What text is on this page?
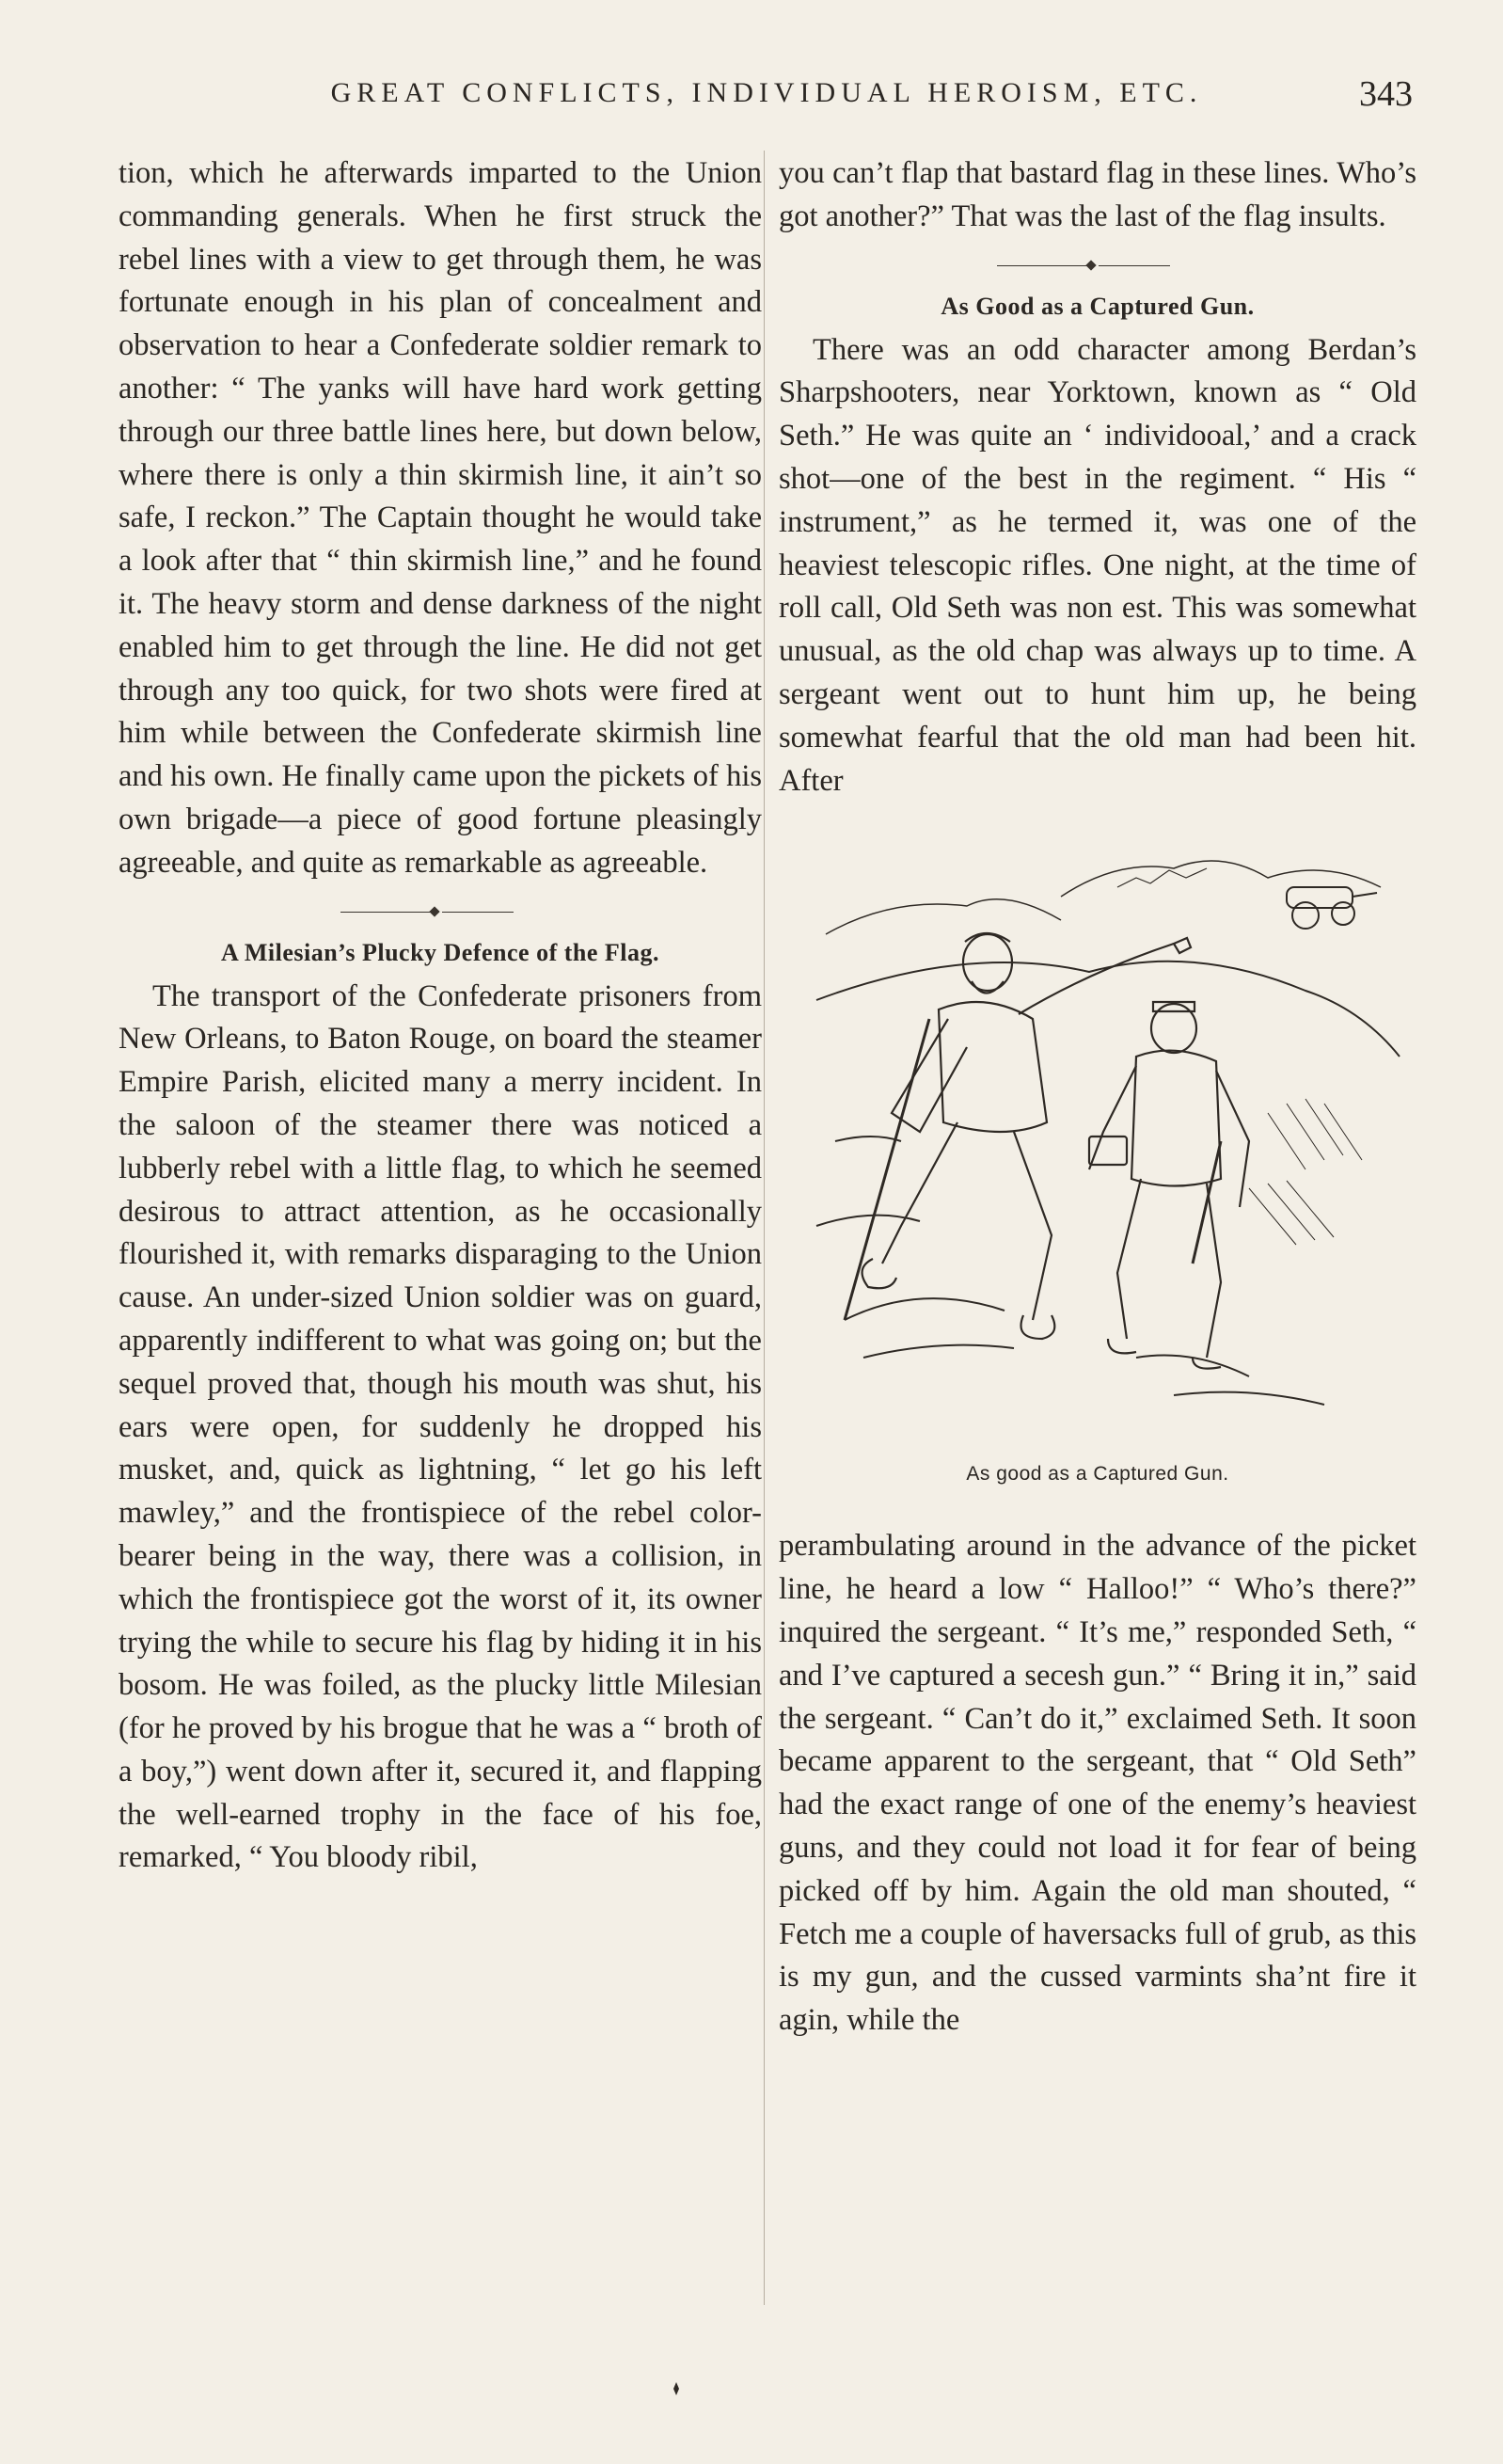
GREAT CONFLICTS, INDIVIDUAL HEROISM, ETC.	343

tion, which he afterwards imparted to the Union commanding generals. When he first struck the rebel lines with a view to get through them, he was fortunate enough in his plan of concealment and observation to hear a Confederate soldier remark to another: “ The yanks will have hard work getting through our three battle lines here, but down below, where there is only a thin skirmish line, it ain’t so safe, I reckon.” The Captain thought he would take a look after that “ thin skirmish line,” and he found it. The heavy storm and dense darkness of the night enabled him to get through the line. He did not get through any too quick, for two shots were fired at him while between the Confederate skirmish line and his own. He finally came upon the pickets of his own brigade—a piece of good fortune pleasingly agreeable, and quite as remarkable as agreeable.

A Milesian’s Plucky Defence of the Flag.

The transport of the Confederate prisoners from New Orleans, to Baton Rouge, on board the steamer Empire Parish, elicited many a merry incident. In the saloon of the steamer there was noticed a lubberly rebel with a little flag, to which he seemed desirous to attract attention, as he occasionally flourished it, with remarks disparaging to the Union cause. An under-sized Union soldier was on guard, apparently indifferent to what was going on; but the sequel proved that, though his mouth was shut, his ears were open, for suddenly he dropped his musket, and, quick as lightning, “ let go his left mawley,” and the frontispiece of the rebel color-bearer being in the way, there was a collision, in which the frontispiece got the worst of it, its owner trying the while to secure his flag by hiding it in his bosom. He was foiled, as the plucky little Milesian (for he proved by his brogue that he was a “ broth of a boy,”) went down after it, secured it, and flapping the well-earned trophy in the face of his foe, remarked, “ You bloody ribil,

you can’t flap that bastard flag in these lines. Who’s got another?” That was the last of the flag insults.

As Good as a Captured Gun.

There was an odd character among Berdan’s Sharpshooters, near Yorktown, known as “ Old Seth.” He was quite an ‘ individooal,’ and a crack shot—one of the best in the regiment. “ His “ instrument,” as he termed it, was one of the heaviest telescopic rifles. One night, at the time of roll call, Old Seth was non est. This was somewhat unusual, as the old chap was always up to time. A sergeant went out to hunt him up, he being somewhat fearful that the old man had been hit. After

As good as a Captured Gun.

perambulating around in the advance of the picket line, he heard a low “ Halloo!” “ Who’s there?” inquired the sergeant. “ It’s me,” responded Seth, “ and I’ve captured a secesh gun.” “ Bring it in,” said the sergeant. “ Can’t do it,” exclaimed Seth. It soon became apparent to the sergeant, that “ Old Seth” had the exact range of one of the enemy’s heaviest guns, and they could not load it for fear of being picked off by him. Again the old man shouted, “ Fetch me a couple of haversacks full of grub, as this is my gun, and the cussed varmints sha’nt fire it agin, while the
